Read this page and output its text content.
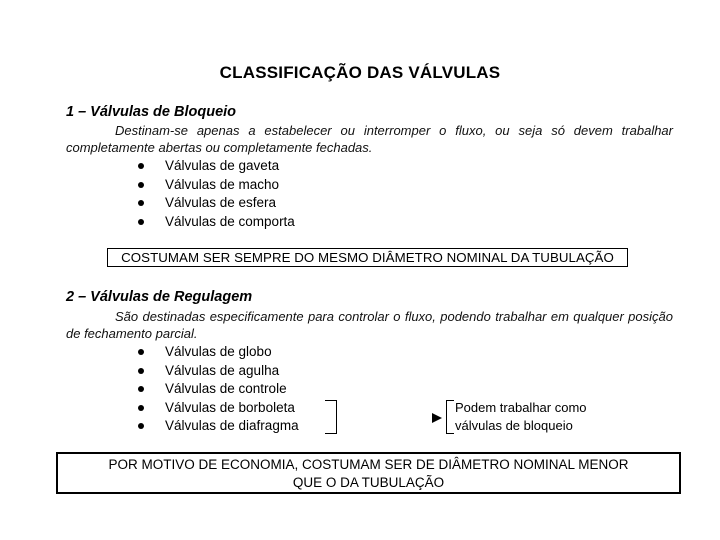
CLASSIFICAÇÃO DAS VÁLVULAS
1 – Válvulas de Bloqueio
Destinam-se apenas a estabelecer ou interromper o fluxo, ou seja só devem trabalhar completamente abertas ou completamente fechadas.
Válvulas de gaveta
Válvulas de macho
Válvulas de esfera
Válvulas de comporta
COSTUMAM SER SEMPRE DO MESMO DIÂMETRO NOMINAL DA TUBULAÇÃO
2 – Válvulas de Regulagem
São destinadas especificamente para controlar o fluxo, podendo trabalhar em qualquer posição de fechamento parcial.
Válvulas de globo
Válvulas de agulha
Válvulas de controle
Válvulas de borboleta
Válvulas de diafragma
Podem trabalhar como
válvulas de bloqueio
POR MOTIVO DE ECONOMIA, COSTUMAM SER DE DIÂMETRO NOMINAL MENOR
QUE O DA TUBULAÇÃO
